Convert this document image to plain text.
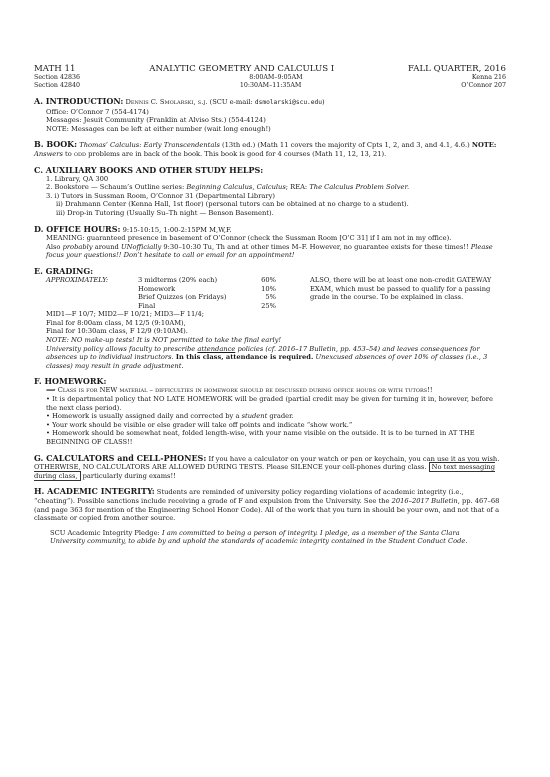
MATH 11	ANALYTIC GEOMETRY AND CALCULUS I	FALL QUARTER, 2016
Section 42836	8:00AM–9:05AM	Kenna 216
Section 42840	10:30AM–11:35AM	O’Connor 207
A. INTRODUCTION: Dennis C. Smolarski, s.j. (SCU e-mail: dsmolarski@scu.edu)
Office: O’Connor 7 (554-4174)
Messages: Jesuit Community (Franklin at Alviso Sts.) (554-4124)
NOTE: Messages can be left at either number (wait long enough!)
B. BOOK: Thomas’ Calculus: Early Transcendentals (13th ed.) (Math 11 covers the majority of Cpts 1, 2, and 3, and 4.1, 4.6.) NOTE: Answers to odd problems are in back of the book. This book is good for 4 courses (Math 11, 12, 13, 21).
C. AUXILIARY BOOKS AND OTHER STUDY HELPS:
1. Library, QA 300
2. Bookstore — Schaum’s Outline series: Beginning Calculus, Calculus; REA: The Calculus Problem Solver.
3. i) Tutors in Sussman Room, O’Connor 31 (Departmental Library)
ii) Drahmann Center (Kenna Hall, 1st floor) (personal tutors can be obtained at no charge to a student).
iii) Drop-in Tutoring (Usually Su–Th night — Benson Basement).
D. OFFICE HOURS: 9:15-10:15, 1:00-2:15PM M,W,F.
MEANING: guaranteed presence in basement of O’Connor (check the Sussman Room [O’C 31] if I am not in my office).
Also probably around UNofficially 9:30–10:30 Tu, Th and at other times M–F. However, no guarantee exists for these times!! Please focus your questions!! Don’t hesitate to call or email for an appointment!
E. GRADING:
APPROXIMATELY:	3 midterms (20% each)	60%
Homework	10%
Brief Quizzes (on Fridays)	5%
Final	25%
ALSO, there will be at least one non-credit GATEWAY EXAM, which must be passed to qualify for a passing grade in the course. To be explained in class.
MID1—F 10/7; MID2—F 10/21; MID3—F 11/4;
Final for 8:00am class, M 12/5 (9:10AM),
Final for 10:30am class, F 12/9 (9:10AM).
NOTE: NO make-up tests! It is NOT permitted to take the final early!
University policy allows faculty to prescribe attendance policies (cf. 2016–17 Bulletin, pp. 453–54) and leaves consequences for absences up to individual instructors. In this class, attendance is required. Unexcused absences of over 10% of classes (i.e., 3 classes) may result in grade adjustment.
F. HOMEWORK:
⟹ Class is for NEW material – difficulties in homework should be discussed during office hours or with tutors!!
• It is departmental policy that NO LATE HOMEWORK will be graded (partial credit may be given for turning it in, however, before the next class period).
• Homework is usually assigned daily and corrected by a student grader.
• Your work should be visible or else grader will take off points and indicate “show work.”
• Homework should be somewhat neat, folded length-wise, with your name visible on the outside. It is to be turned in AT THE BEGINNING OF CLASS!!
G. CALCULATORS and CELL-PHONES: If you have a calculator on your watch or pen or keychain, you can use it as you wish. OTHERWISE, NO CALCULATORS ARE ALLOWED DURING TESTS. Please SILENCE your cell-phones during class. No text messaging during class, particularly during exams!!
H. ACADEMIC INTEGRITY: Students are reminded of university policy regarding violations of academic integrity (i.e., “cheating”). Possible sanctions include receiving a grade of F and expulsion from the University. See the 2016–2017 Bulletin, pp. 467–68 (and page 363 for mention of the Engineering School Honor Code). All of the work that you turn in should be your own, and not that of a classmate or copied from another source.
SCU Academic Integrity Pledge: I am committed to being a person of integrity. I pledge, as a member of the Santa Clara University community, to abide by and uphold the standards of academic integrity contained in the Student Conduct Code.
